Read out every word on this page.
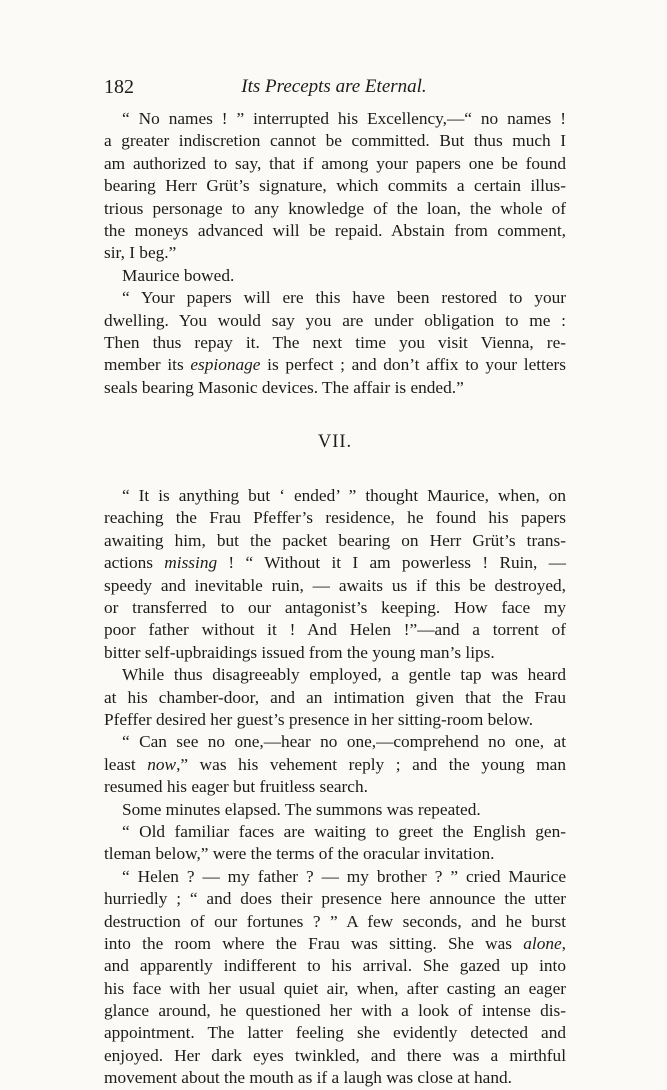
182	Its Precepts are Eternal.
“ No names ! ” interrupted his Excellency,—“ no names !
a greater indiscretion cannot be committed. But thus much I
am authorized to say, that if among your papers one be found
bearing Herr Grüt’s signature, which commits a certain illus-
trious personage to any knowledge of the loan, the whole of
the moneys advanced will be repaid. Abstain from comment,
sir, I beg.”
Maurice bowed.
“ Your papers will ere this have been restored to your
dwelling. You would say you are under obligation to me :
Then thus repay it. The next time you visit Vienna, re-
member its espionage is perfect ; and don’t affix to your letters
seals bearing Masonic devices. The affair is ended.”
VII.
“ It is anything but ‘ ended’ ” thought Maurice, when, on
reaching the Frau Pfeffer’s residence, he found his papers
awaiting him, but the packet bearing on Herr Grüt’s trans-
actions missing ! “ Without it I am powerless ! Ruin, —
speedy and inevitable ruin, — awaits us if this be destroyed,
or transferred to our antagonist’s keeping. How face my
poor father without it ! And Helen !”—and a torrent of
bitter self-upbraidings issued from the young man’s lips.
While thus disagreeably employed, a gentle tap was heard
at his chamber-door, and an intimation given that the Frau
Pfeffer desired her guest’s presence in her sitting-room below.
“ Can see no one,—hear no one,—comprehend no one, at
least now,” was his vehement reply ; and the young man
resumed his eager but fruitless search.
Some minutes elapsed. The summons was repeated.
“ Old familiar faces are waiting to greet the English gen-
tleman below,” were the terms of the oracular invitation.
“ Helen ? — my father ? — my brother ? ” cried Maurice
hurriedly ; “ and does their presence here announce the utter
destruction of our fortunes ? ” A few seconds, and he burst
into the room where the Frau was sitting. She was alone,
and apparently indifferent to his arrival. She gazed up into
his face with her usual quiet air, when, after casting an eager
glance around, he questioned her with a look of intense dis-
appointment. The latter feeling she evidently detected and
enjoyed. Her dark eyes twinkled, and there was a mirthful
movement about the mouth as if a laugh was close at hand.
